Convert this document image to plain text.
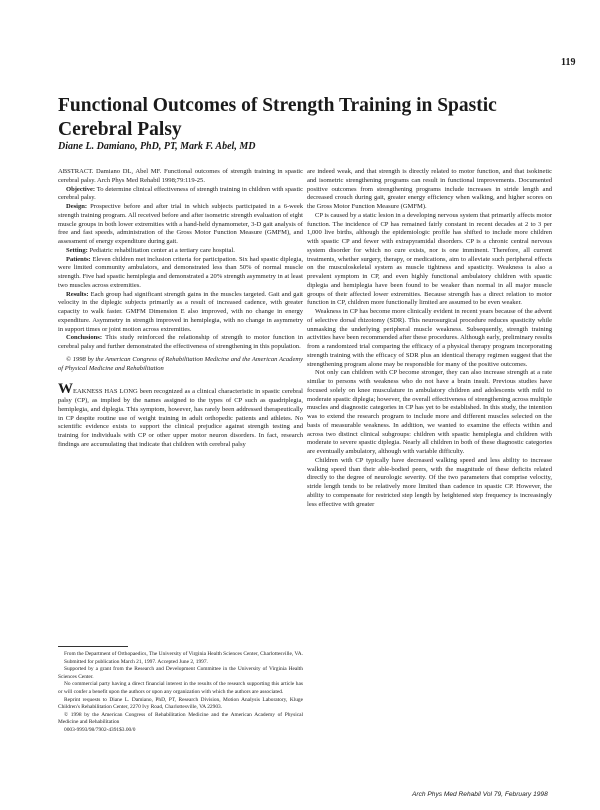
119
Functional Outcomes of Strength Training in Spastic Cerebral Palsy
Diane L. Damiano, PhD, PT, Mark F. Abel, MD

ABSTRACT. Damiano DL, Abel MF. Functional outcomes of strength training in spastic cerebral palsy. Arch Phys Med Rehabil 1998;79:119-25.

Objective: To determine clinical effectiveness of strength training in children with spastic cerebral palsy.

Design: Prospective before and after trial in which subjects participated in a 6-week strength training program. All received before and after isometric strength evaluation of eight muscle groups in both lower extremities with a hand-held dynamometer, 3-D gait analysis of free and fast speeds, administration of the Gross Motor Function Measure (GMFM), and assessment of energy expenditure during gait.

Setting: Pediatric rehabilitation center at a tertiary care hospital.

Patients: Eleven children met inclusion criteria for participation. Six had spastic diplegia, were limited community ambulators, and demonstrated less than 50% of normal muscle strength. Five had spastic hemiplegia and demonstrated a 20% strength asymmetry in at least two muscles across extremities.

Results: Each group had significant strength gains in the muscles targeted. Gait and gait velocity in the diplegic subjects primarily as a result of increased cadence, with greater capacity to walk faster. GMFM Dimension E also improved, with no change in energy expenditure. Asymmetry in strength improved in hemiplegia, with no change in asymmetry in support times or joint motion across extremities.

Conclusions: This study reinforced the relationship of strength to motor function in cerebral palsy and further demonstrated the effectiveness of strengthening in this population.

© 1998 by the American Congress of Rehabilitation Medicine and the American Academy of Physical Medicine and Rehabilitation

WEAKNESS HAS LONG been recognized as a clinical characteristic in spastic cerebral palsy (CP), as implied by the names assigned to the types of CP such as quadriplegia, hemiplegia, and diplegia. This symptom, however, has rarely been addressed therapeutically in CP despite routine use of weight training in adult orthopedic patients and athletes. No scientific evidence exists to support the clinical prejudice against strength testing and training for individuals with CP or other upper motor neuron disorders. In fact, research findings are accumulating that indicate that children with cerebral palsy

From the Department of Orthopaedics, The University of Virginia Health Sciences Center, Charlottesville, VA.

Submitted for publication March 21, 1997. Accepted June 2, 1997.

Supported by a grant from the Research and Development Committee in the University of Virginia Health Sciences Center.

No commercial party having a direct financial interest in the results of the research supporting this article has or will confer a benefit upon the authors or upon any organization with which the authors are associated.

Reprint requests to Diane L. Damiano, PhD, PT, Research Division, Motion Analysis Laboratory, Kluge Children's Rehabilitation Center, 2270 Ivy Road, Charlottesville, VA 22903.

© 1998 by the American Congress of Rehabilitation Medicine and the American Academy of Physical Medicine and Rehabilitation

0003-9993/98/7902-4391$3.00/0

are indeed weak, and that strength is directly related to motor function, and that isokinetic and isometric strengthening programs can result in functional improvements. Documented positive outcomes from strengthening programs include increases in stride length and decreased crouch during gait, greater energy efficiency when walking, and higher scores on the Gross Motor Function Measure (GMFM).

CP is caused by a static lesion in a developing nervous system that primarily affects motor function. The incidence of CP has remained fairly constant in recent decades at 2 to 3 per 1,000 live births, although the epidemiologic profile has shifted to include more children with spastic CP and fewer with extrapyramidal disorders. CP is a chronic central nervous system disorder for which no cure exists, nor is one imminent. Therefore, all current treatments, whether surgery, therapy, or medications, aim to alleviate such peripheral effects on the musculoskeletal system as muscle tightness and spasticity. Weakness is also a prevalent symptom in CP, and even highly functional ambulatory children with spastic diplegia and hemiplegia have been found to be weaker than normal in all major muscle groups of their affected lower extremities. Because strength has a direct relation to motor function in CP, children more functionally limited are assumed to be even weaker.

Weakness in CP has become more clinically evident in recent years because of the advent of selective dorsal rhizotomy (SDR). This neurosurgical procedure reduces spasticity while unmasking the underlying peripheral muscle weakness. Subsequently, strength training activities have been recommended after these procedures. Although early, preliminary results from a randomized trial comparing the efficacy of a physical therapy program incorporating strength training with the efficacy of SDR plus an identical therapy regimen suggest that the strengthening program alone may be responsible for many of the positive outcomes.

Not only can children with CP become stronger, they can also increase strength at a rate similar to persons with weakness who do not have a brain insult. Previous studies have focused solely on knee musculature in ambulatory children and adolescents with mild to moderate spastic diplegia; however, the overall effectiveness of strengthening across multiple muscles and diagnostic categories in CP has yet to be established. In this study, the intention was to extend the research program to include more and different muscles selected on the basis of measurable weakness. In addition, we wanted to examine the effects within and across two distinct clinical subgroups: children with spastic hemiplegia and children with moderate to severe spastic diplegia. Nearly all children in both of these diagnostic categories are eventually ambulatory, although with variable difficulty.

Children with CP typically have decreased walking speed and less ability to increase walking speed than their able-bodied peers, with the magnitude of these deficits related directly to the degree of neurologic severity. Of the two parameters that comprise velocity, stride length tends to be relatively more limited than cadence in spastic CP. However, the ability to compensate for restricted step length by heightened step frequency is increasingly less effective with greater

Arch Phys Med Rehabil Vol 79, February 1998
